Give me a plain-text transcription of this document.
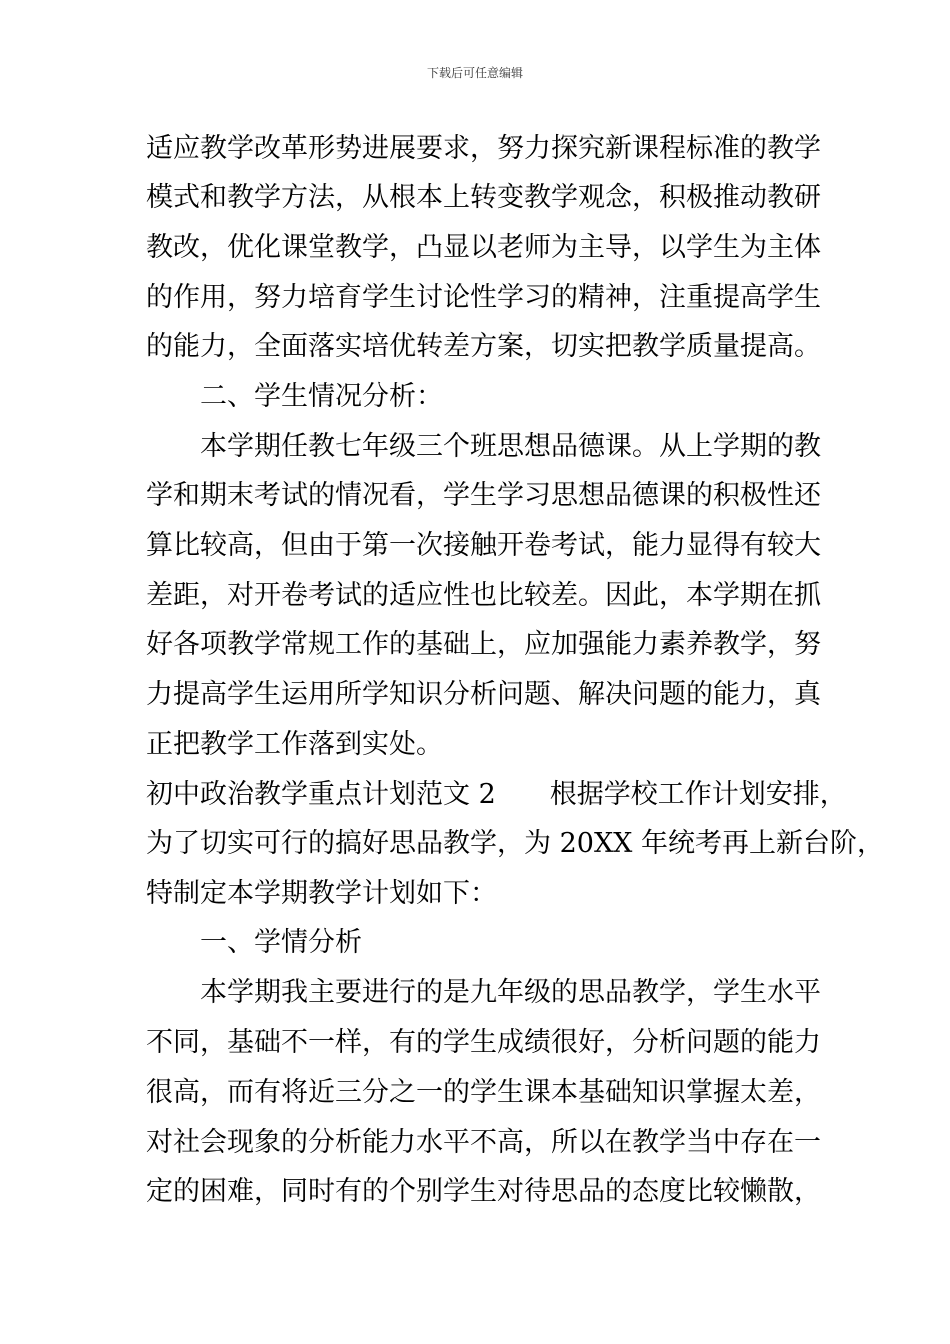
下载后可任意编辑
适应教学改革形势进展要求，努力探究新课程标准的教学
模式和教学方法，从根本上转变教学观念，积极推动教研
教改，优化课堂教学，凸显以老师为主导，以学生为主体
的作用，努力培育学生讨论性学习的精神，注重提高学生
的能力，全面落实培优转差方案，切实把教学质量提高。
　　二、学生情况分析：
　　本学期任教七年级三个班思想品德课。从上学期的教
学和期末考试的情况看，学生学习思想品德课的积极性还
算比较高，但由于第一次接触开卷考试，能力显得有较大
差距，对开卷考试的适应性也比较差。因此，本学期在抓
好各项教学常规工作的基础上，应加强能力素养教学，努
力提高学生运用所学知识分析问题、解决问题的能力，真
正把教学工作落到实处。
初中政治教学重点计划范文 2　　根据学校工作计划安排，
为了切实可行的搞好思品教学，为 20XX 年统考再上新台阶，
特制定本学期教学计划如下：
　　一、学情分析
　　本学期我主要进行的是九年级的思品教学，学生水平
不同，基础不一样，有的学生成绩很好，分析问题的能力
很高，而有将近三分之一的学生课本基础知识掌握太差，
对社会现象的分析能力水平不高，所以在教学当中存在一
定的困难，同时有的个别学生对待思品的态度比较懒散，
